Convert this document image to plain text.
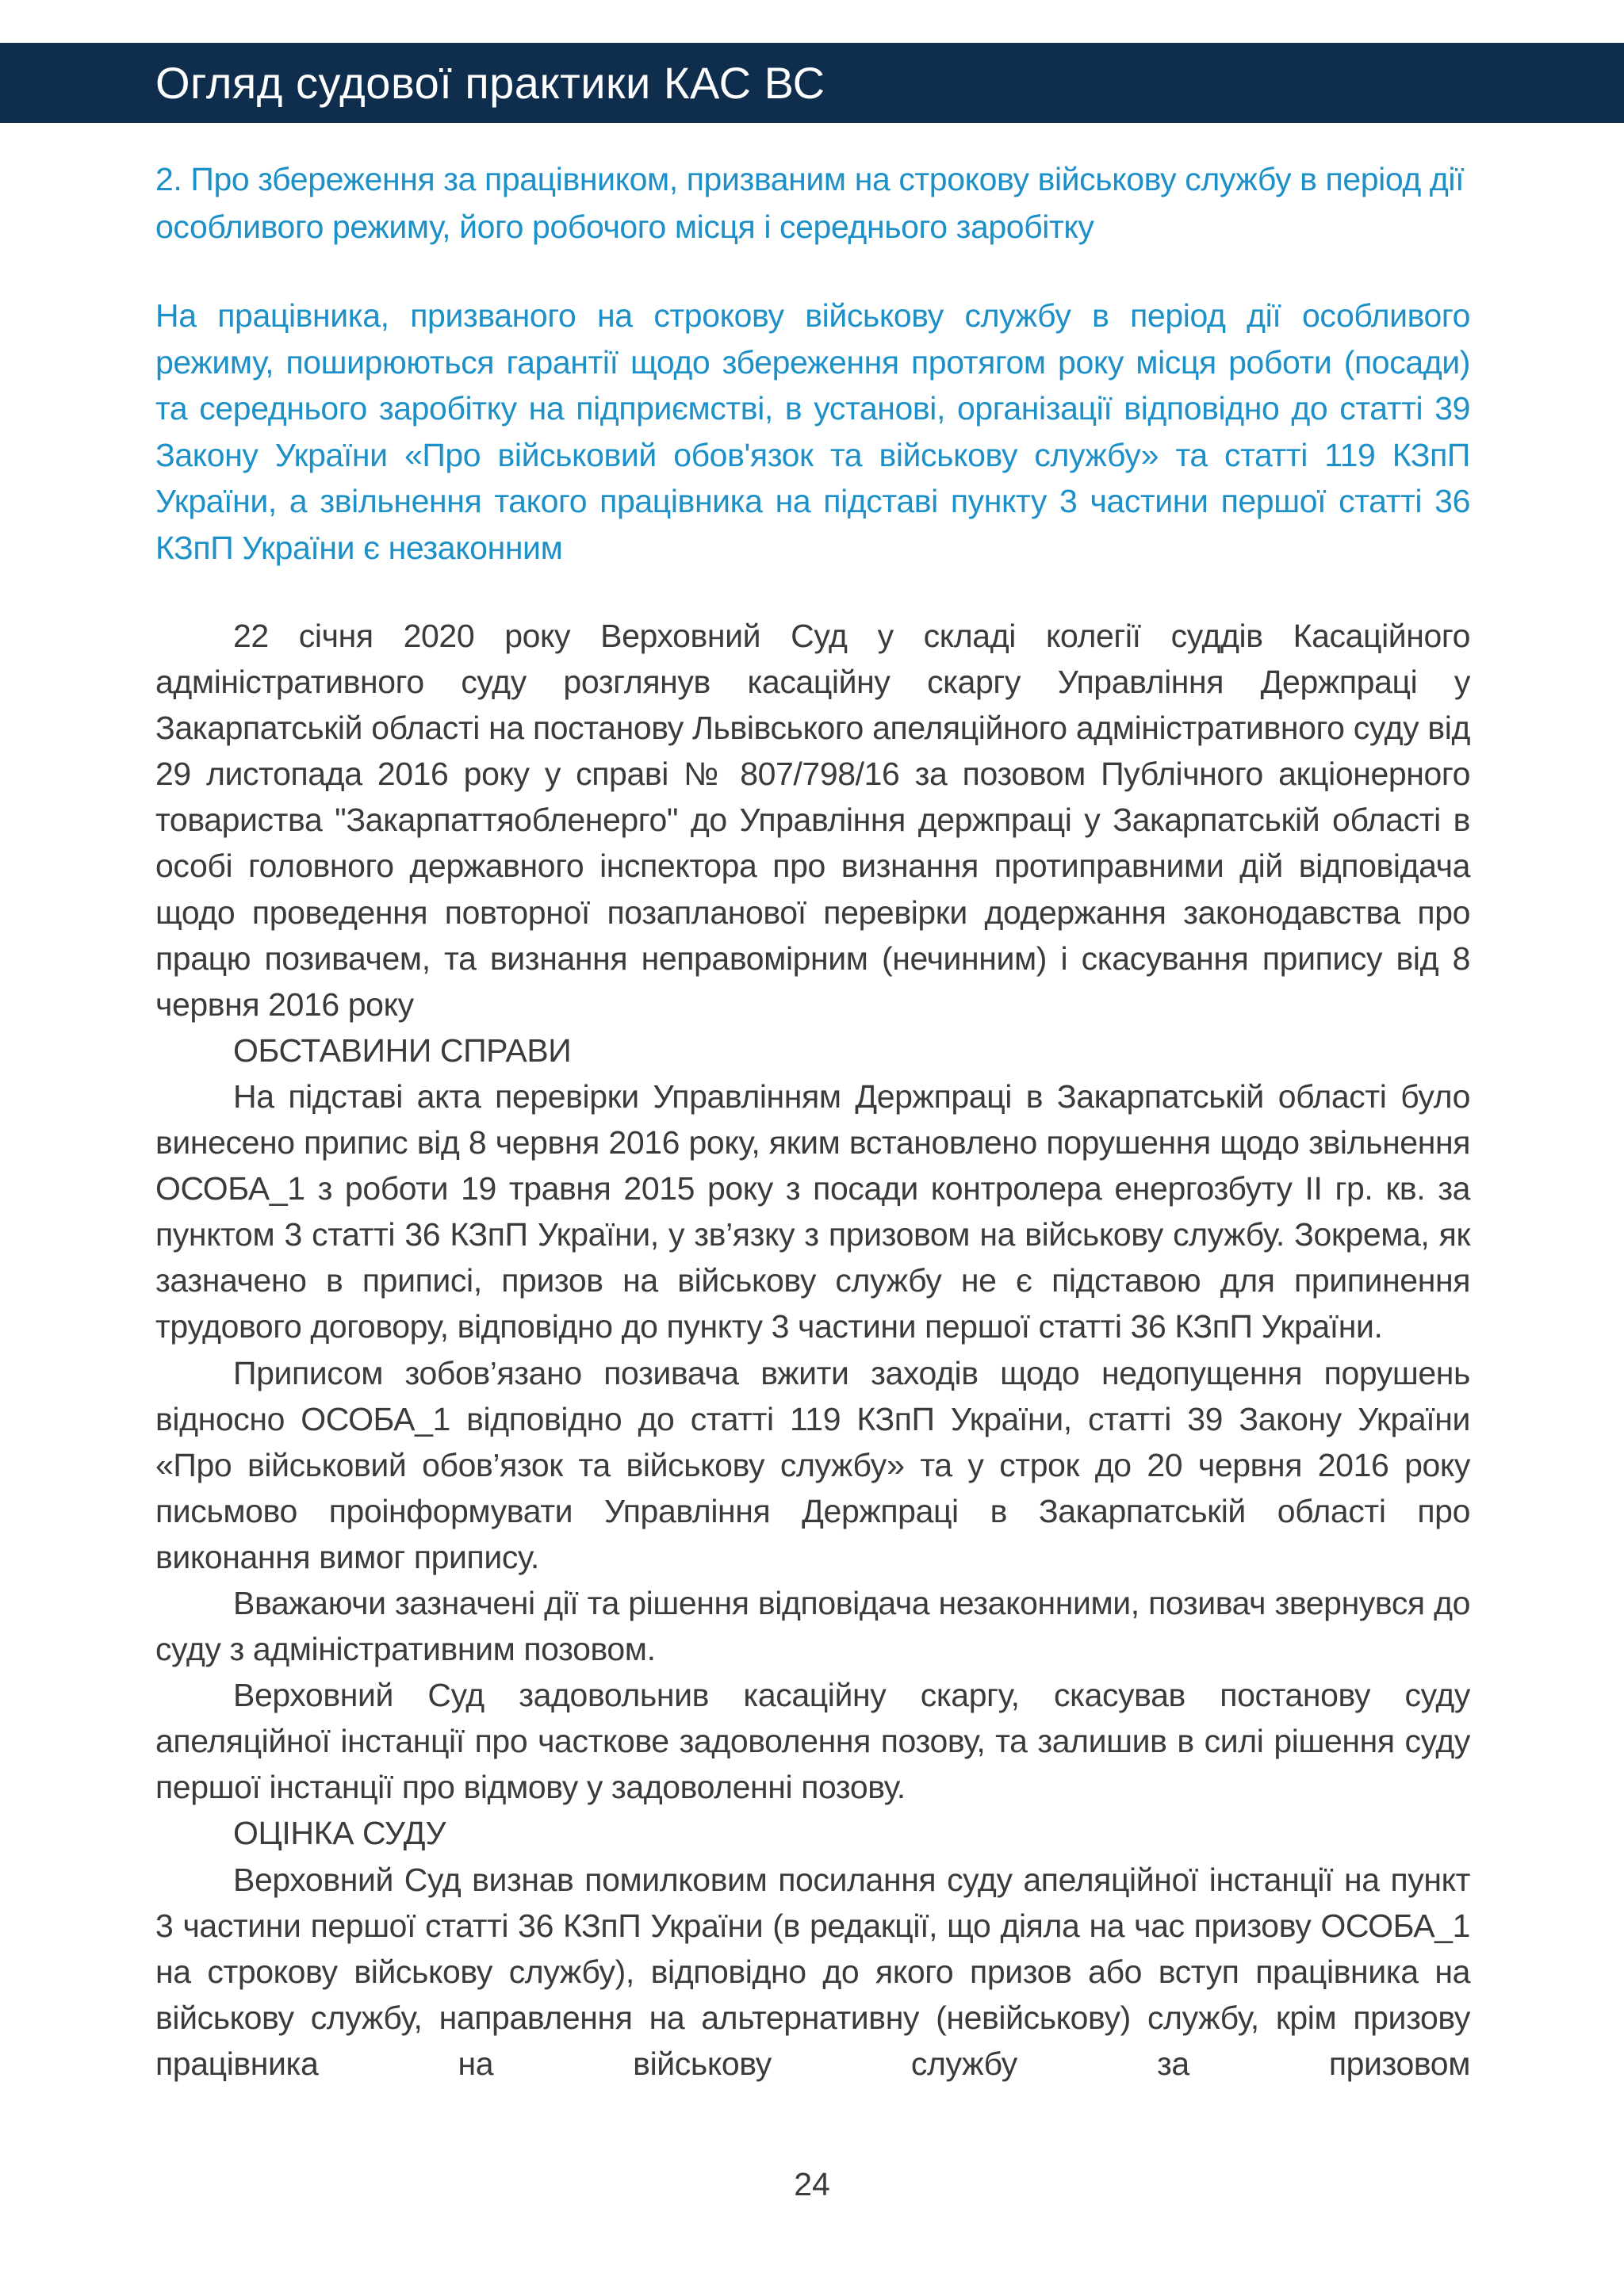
Огляд судової практики КАС ВС
2. Про збереження за працівником, призваним на строкову військову службу в період дії особливого режиму, його робочого місця і середнього заробітку
На працівника, призваного на строкову військову службу в період дії особливого режиму, поширюються гарантії щодо збереження протягом року місця роботи (посади) та середнього заробітку на підприємстві, в установі, організації відповідно до статті 39 Закону України «Про військовий обов'язок та військову службу» та статті 119 КЗпП України, а звільнення такого працівника на підставі пункту 3 частини першої статті 36 КЗпП України є незаконним

22 січня 2020 року Верховний Суд у складі колегії суддів Касаційного адміністративного суду розглянув касаційну скаргу Управління Держпраці у Закарпатській області на постанову Львівського апеляційного адміністративного суду від 29 листопада 2016 року у справі № 807/798/16 за позовом Публічного акціонерного товариства "Закарпаттяобленерго" до Управління держпраці у Закарпатській області в особі головного державного інспектора про визнання протиправними дій відповідача щодо проведення повторної позапланової перевірки додержання законодавства про працю позивачем, та визнання неправомірним (нечинним) і скасування припису від 8 червня 2016 року

ОБСТАВИНИ СПРАВИ

На підставі акта перевірки Управлінням Держпраці в Закарпатській області було винесено припис від 8 червня 2016 року, яким встановлено порушення щодо звільнення ОСОБА_1 з роботи 19 травня 2015 року з посади контролера енергозбуту ІІ гр. кв. за пунктом 3 статті 36 КЗпП України, у зв’язку з призовом на військову службу. Зокрема, як зазначено в приписі, призов на військову службу не є підставою для припинення трудового договору, відповідно до пункту 3 частини першої статті 36 КЗпП України.

Приписом зобов’язано позивача вжити заходів щодо недопущення порушень відносно ОСОБА_1 відповідно до статті 119 КЗпП України, статті 39 Закону України «Про військовий обов’язок та військову службу» та у строк до 20 червня 2016 року письмово проінформувати Управління Держпраці в Закарпатській області про виконання вимог припису.

Вважаючи зазначені дії та рішення відповідача незаконними, позивач звернувся до суду з адміністративним позовом.

Верховний Суд задовольнив касаційну скаргу, скасував постанову суду апеляційної інстанції про часткове задоволення позову, та залишив в силі рішення суду першої інстанції про відмову у задоволенні позову.

ОЦІНКА СУДУ

Верховний Суд визнав помилковим посилання суду апеляційної інстанції на пункт 3 частини першої статті 36 КЗпП України (в редакції, що діяла на час призову ОСОБА_1 на строкову військову службу), відповідно до якого призов або вступ працівника на військову службу, направлення на альтернативну (невійськову) службу, крім призову працівника на військову службу за призовом

24
